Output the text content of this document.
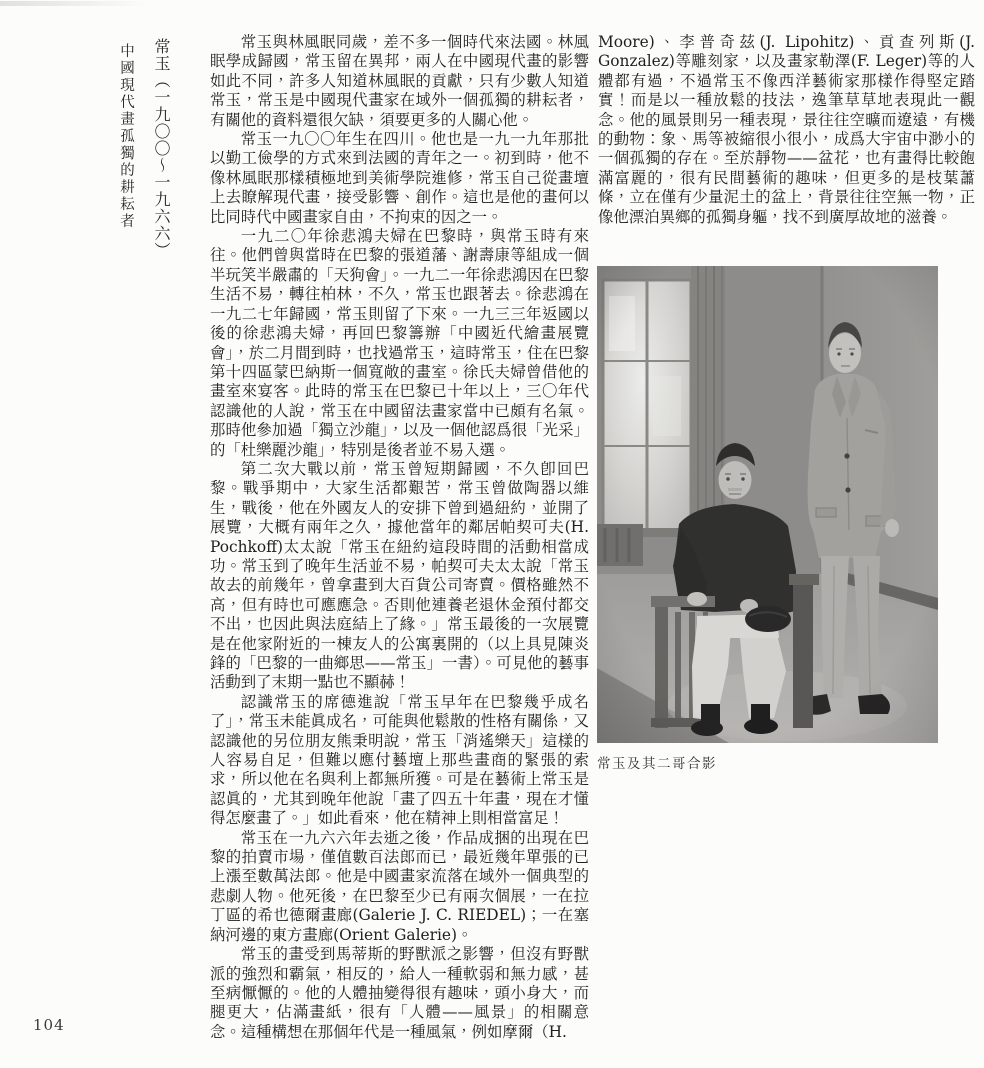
常玉（一九〇〇～一九六六）
中國現代畫孤獨的耕耘者

常玉與林風眠同歲，差不多一個時代來法國。林風眠學成歸國，常玉留在異邦，兩人在中國現代畫的影響如此不同，許多人知道林風眠的貢獻，只有少數人知道常玉，常玉是中國現代畫家在域外一個孤獨的耕耘者，有關他的資料還很欠缺，須要更多的人關心他。

常玉一九〇〇年生在四川。他也是一九一九年那批以勤工儉學的方式來到法國的青年之一。初到時，他不像林風眠那樣積極地到美術學院進修，常玉自己從畫壇上去瞭解現代畫，接受影響、創作。這也是他的畫何以比同時代中國畫家自由，不拘束的因之一。

一九二〇年徐悲鴻夫婦在巴黎時，與常玉時有來往。他們曾與當時在巴黎的張道藩、謝壽康等組成一個半玩笑半嚴肅的「天狗會」。一九二一年徐悲鴻因在巴黎生活不易，轉往柏林，不久，常玉也跟著去。徐悲鴻在一九二七年歸國，常玉則留了下來。一九三三年返國以後的徐悲鴻夫婦，再回巴黎籌辦「中國近代繪畫展覽會」，於二月間到時，也找過常玉，這時常玉，住在巴黎第十四區蒙巴納斯一個寬敞的畫室。徐氏夫婦曾借他的畫室來宴客。此時的常玉在巴黎已十年以上，三〇年代認識他的人說，常玉在中國留法畫家當中已頗有名氣。那時他參加過「獨立沙龍」，以及一個他認爲很「光采」的「杜樂麗沙龍」，特別是後者並不易入選。

第二次大戰以前，常玉曾短期歸國，不久卽回巴黎。戰爭期中，大家生活都艱苦，常玉曾做陶器以維生，戰後，他在外國友人的安排下曾到過紐約，並開了展覽，大概有兩年之久，據他當年的鄰居帕契可夫(H. Pochkoff)太太說「常玉在紐約這段時間的活動相當成功。常玉到了晚年生活並不易，帕契可夫太太說「常玉故去的前幾年，曾拿畫到大百貨公司寄賣。價格雖然不高，但有時也可應應急。否則他連養老退休金預付都交不出，也因此與法庭結上了緣。」常玉最後的一次展覽是在他家附近的一棟友人的公寓裏開的（以上具見陳炎鋒的「巴黎的一曲鄉思——常玉」一書）。可見他的藝事活動到了末期一點也不顯赫！

認識常玉的席德進說「常玉早年在巴黎幾乎成名了」，常玉未能眞成名，可能與他鬆散的性格有關係，又認識他的另位朋友熊秉明說，常玉「消遙樂天」這樣的人容易自足，但難以應付藝壇上那些畫商的緊張的索求，所以他在名與利上都無所獲。可是在藝術上常玉是認眞的，尤其到晚年他說「畫了四五十年畫，現在才懂得怎麼畫了。」如此看來，他在精神上則相當富足！

常玉在一九六六年去逝之後，作品成捆的出現在巴黎的拍賣市場，僅值數百法郎而已，最近幾年單張的已上漲至數萬法郎。他是中國畫家流落在域外一個典型的悲劇人物。他死後，在巴黎至少已有兩次個展，一在拉丁區的希也德爾畫廊(Galerie J. C. RIEDEL)；一在塞納河邊的東方畫廊(Orient Galerie)。

常玉的畫受到馬蒂斯的野獸派之影響，但沒有野獸派的強烈和霸氣，相反的，給人一種軟弱和無力感，甚至病懨懨的。他的人體抽變得很有趣味，頭小身大，而腿更大，佔滿畫紙，很有「人體——風景」的相關意念。這種構想在那個年代是一種風氣，例如摩爾（H.

Moore)、李普奇茲(J. Lipohitz)、貢查列斯(J. Gonzalez)等雕刻家，以及畫家勒澤(F. Leger)等的人體都有過，不過常玉不像西洋藝術家那樣作得堅定踏實！而是以一種放鬆的技法，逸筆草草地表現此一觀念。他的風景則另一種表現，景往往空曠而遼遠，有機的動物：象、馬等被縮很小很小，成爲大宇宙中渺小的一個孤獨的存在。至於靜物——盆花，也有畫得比較飽滿富麗的，很有民間藝術的趣味，但更多的是枝葉蕭條，立在僅有少量泥土的盆上，背景往往空無一物，正像他漂泊異鄉的孤獨身軀，找不到廣厚故地的滋養。

常玉及其二哥合影
104
